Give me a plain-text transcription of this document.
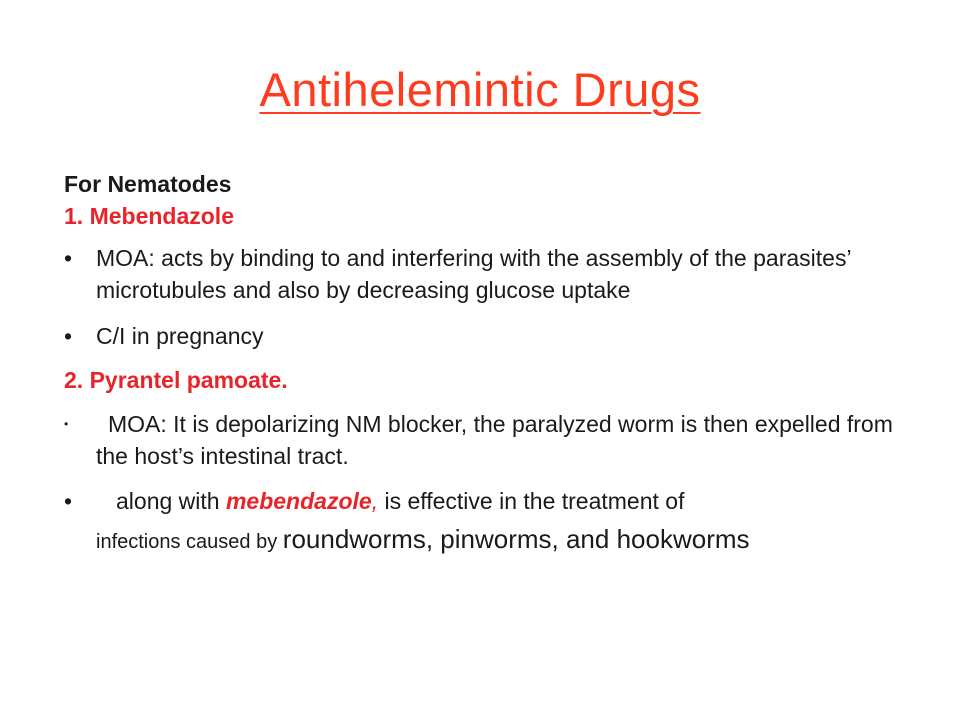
Antihelemintic Drugs

For Nematodes

1. Mebendazole

• MOA: acts by binding to and interfering with the assembly of the parasites’ microtubules and also by decreasing glucose uptake

• C/I in pregnancy

2. Pyrantel pamoate.

• MOA: It is depolarizing NM blocker, the paralyzed worm is then expelled from the host’s intestinal tract.

• along with mebendazole, is effective in the treatment of
infections caused by roundworms, pinworms, and hookworms
